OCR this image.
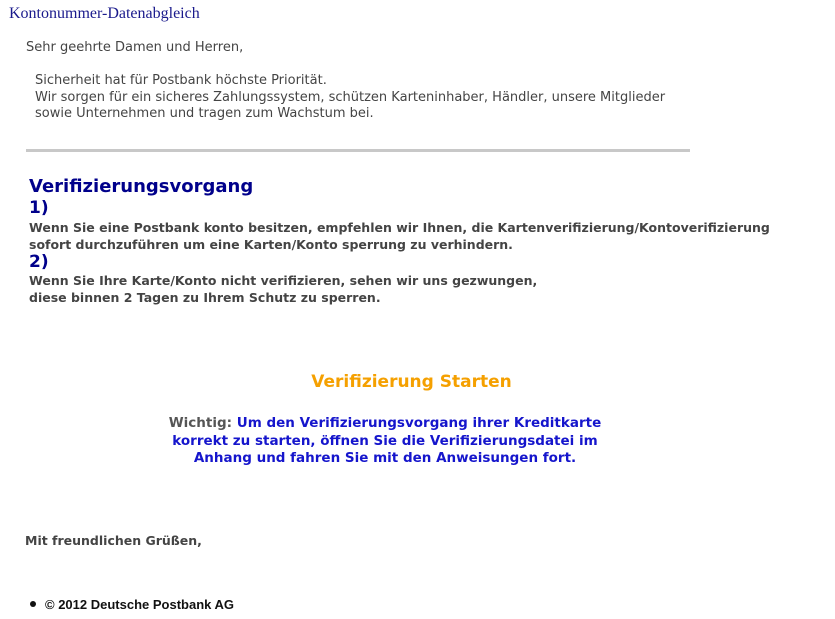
Kontonummer-Datenabgleich
Sehr geehrte Damen und Herren,
Sicherheit hat für Postbank höchste Priorität.
Wir sorgen für ein sicheres Zahlungssystem, schützen Karteninhaber, Händler, unsere Mitglieder
sowie Unternehmen und tragen zum Wachstum bei.
Verifizierungsvorgang
1)
Wenn Sie eine Postbank konto besitzen, empfehlen wir Ihnen, die Kartenverifizierung/Kontoverifizierung
sofort durchzuführen um eine Karten/Konto sperrung zu verhindern.
2)
Wenn Sie Ihre Karte/Konto nicht verifizieren, sehen wir uns gezwungen,
diese binnen 2 Tagen zu Ihrem Schutz zu sperren.
Verifizierung Starten
Wichtig: Um den Verifizierungsvorgang ihrer Kreditkarte
korrekt zu starten, öffnen Sie die Verifizierungsdatei im
Anhang und fahren Sie mit den Anweisungen fort.
Mit freundlichen Grüßen,
© 2012 Deutsche Postbank AG
